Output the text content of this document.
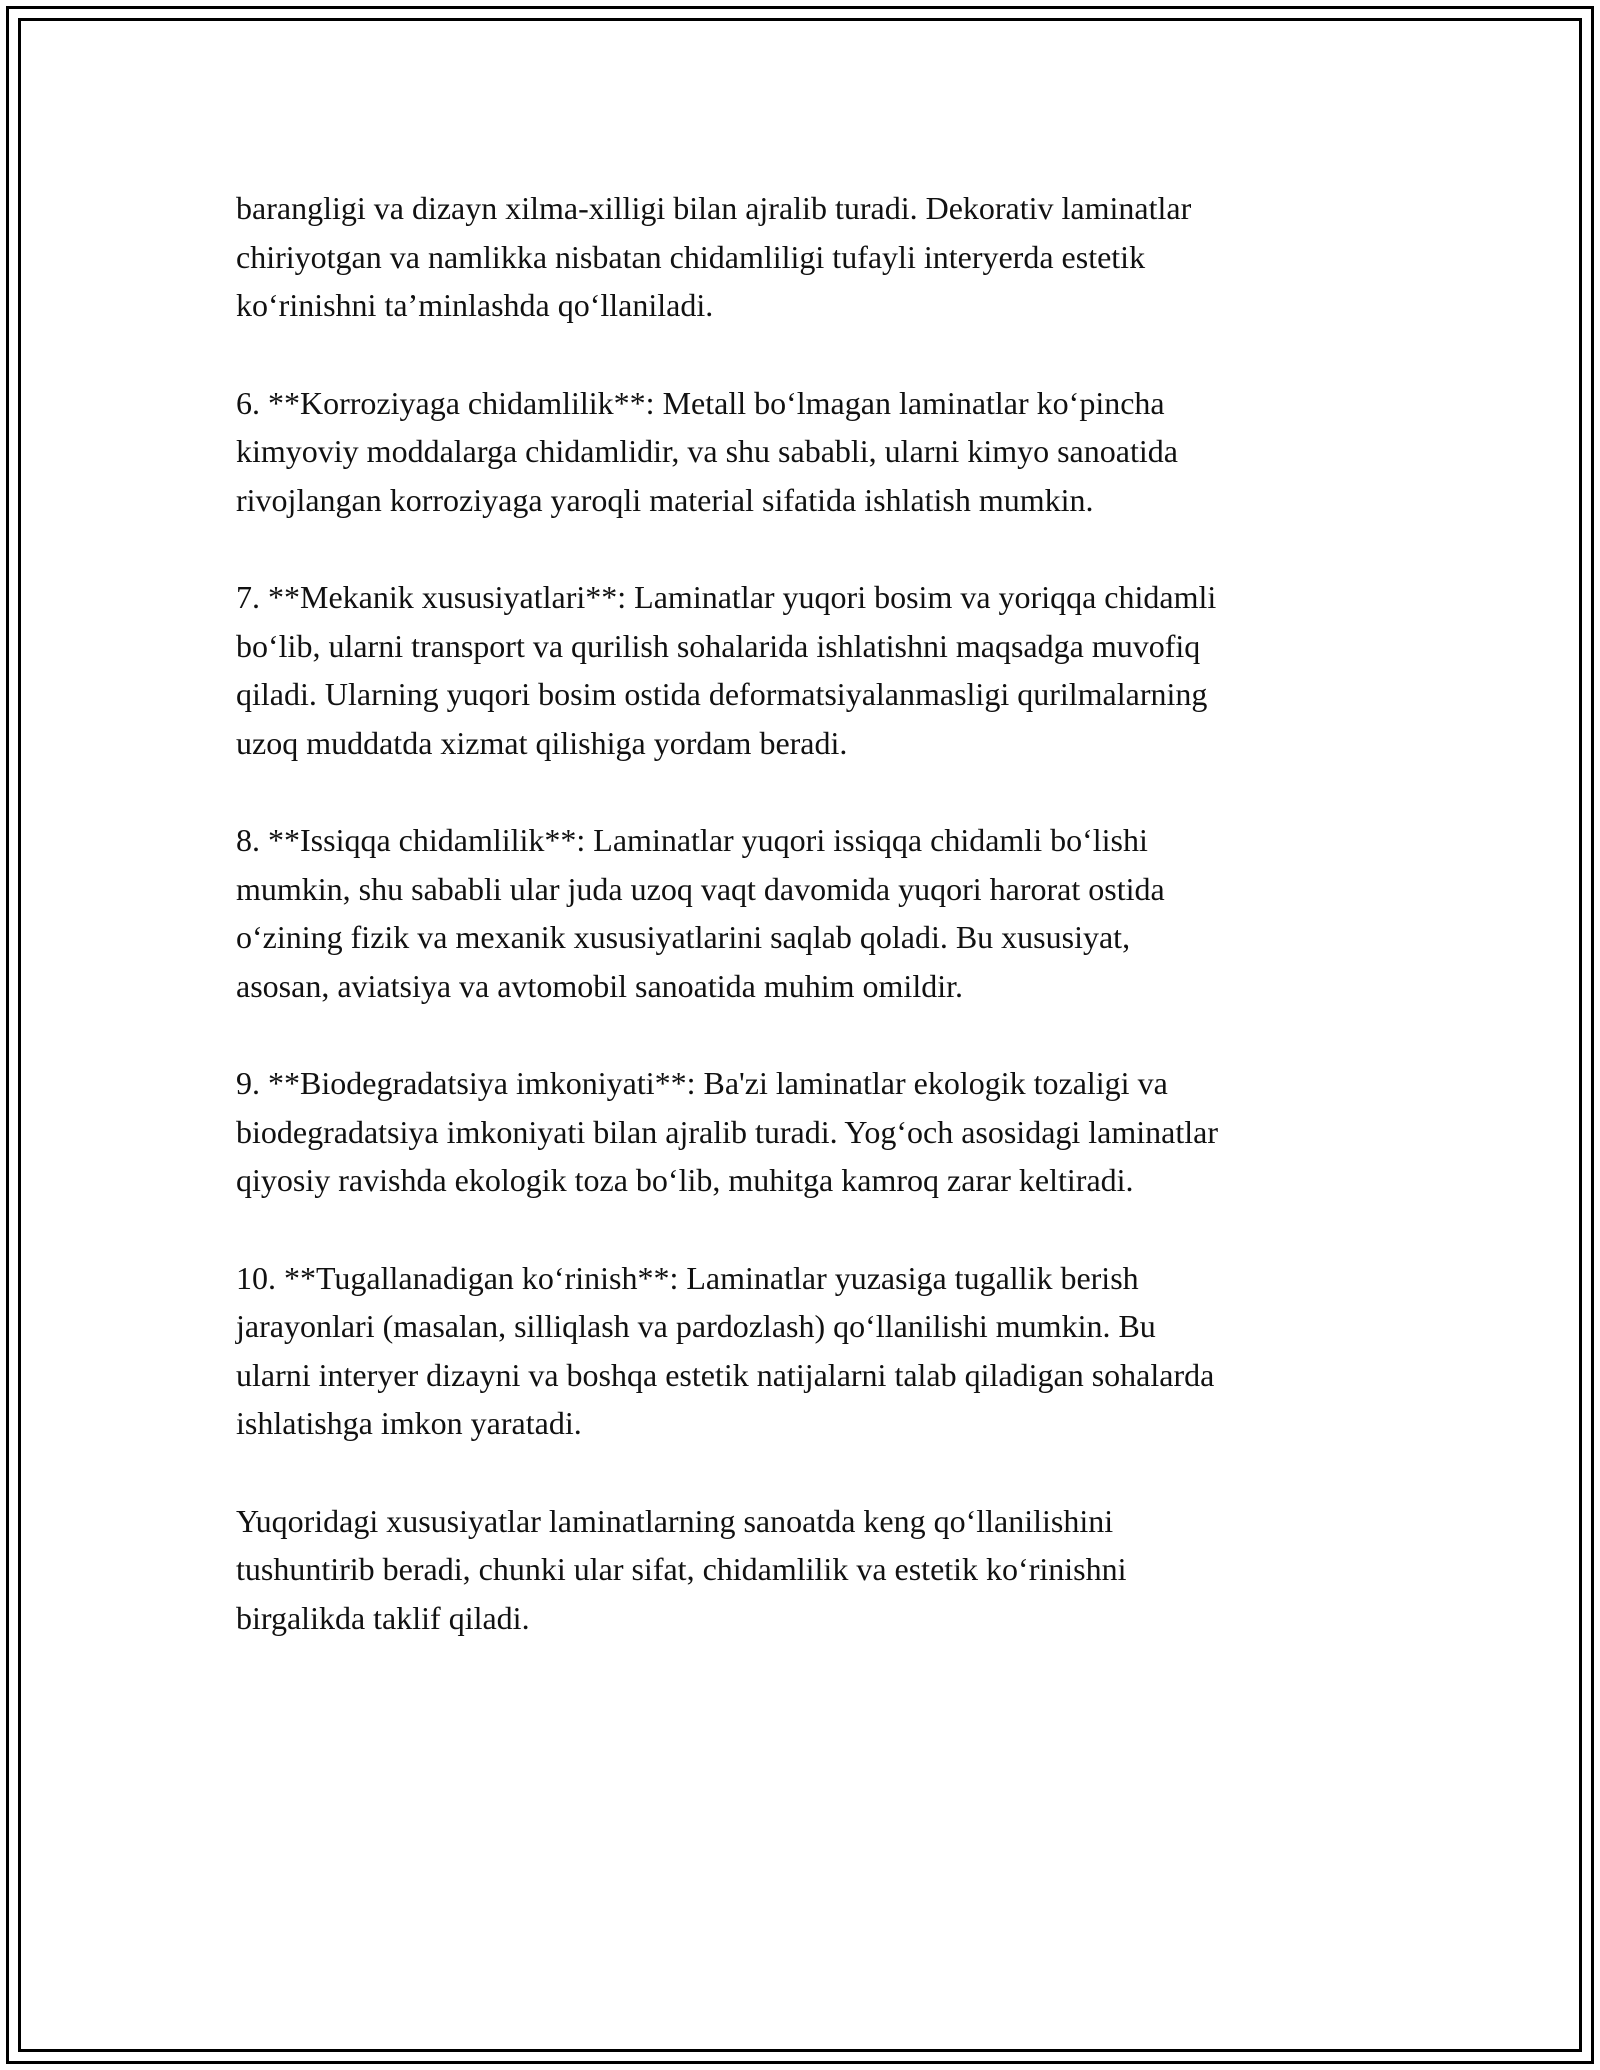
barangligi va dizayn xilma-xilligi bilan ajralib turadi. Dekorativ laminatlar
chiriyotgan va namlikka nisbatan chidamliligi tufayli interyerda estetik
ko‘rinishni ta’minlashda qo‘llaniladi.

6. **Korroziyaga chidamlilik**: Metall bo‘lmagan laminatlar ko‘pincha
kimyoviy moddalarga chidamlidir, va shu sababli, ularni kimyo sanoatida
rivojlangan korroziyaga yaroqli material sifatida ishlatish mumkin.

7. **Mekanik xususiyatlari**: Laminatlar yuqori bosim va yoriqqa chidamli
bo‘lib, ularni transport va qurilish sohalarida ishlatishni maqsadga muvofiq
qiladi. Ularning yuqori bosim ostida deformatsiyalanmasligi qurilmalarning
uzoq muddatda xizmat qilishiga yordam beradi.

8. **Issiqqa chidamlilik**: Laminatlar yuqori issiqqa chidamli bo‘lishi
mumkin, shu sababli ular juda uzoq vaqt davomida yuqori harorat ostida
o‘zining fizik va mexanik xususiyatlarini saqlab qoladi. Bu xususiyat,
asosan, aviatsiya va avtomobil sanoatida muhim omildir.

9. **Biodegradatsiya imkoniyati**: Ba'zi laminatlar ekologik tozaligi va
biodegradatsiya imkoniyati bilan ajralib turadi. Yog‘och asosidagi laminatlar
qiyosiy ravishda ekologik toza bo‘lib, muhitga kamroq zarar keltiradi.

10. **Tugallanadigan ko‘rinish**: Laminatlar yuzasiga tugallik berish
jarayonlari (masalan, silliqlash va pardozlash) qo‘llanilishi mumkin. Bu
ularni interyer dizayni va boshqa estetik natijalarni talab qiladigan sohalarda
ishlatishga imkon yaratadi.

Yuqoridagi xususiyatlar laminatlarning sanoatda keng qo‘llanilishini
tushuntirib beradi, chunki ular sifat, chidamlilik va estetik ko‘rinishni
birgalikda taklif qiladi.
